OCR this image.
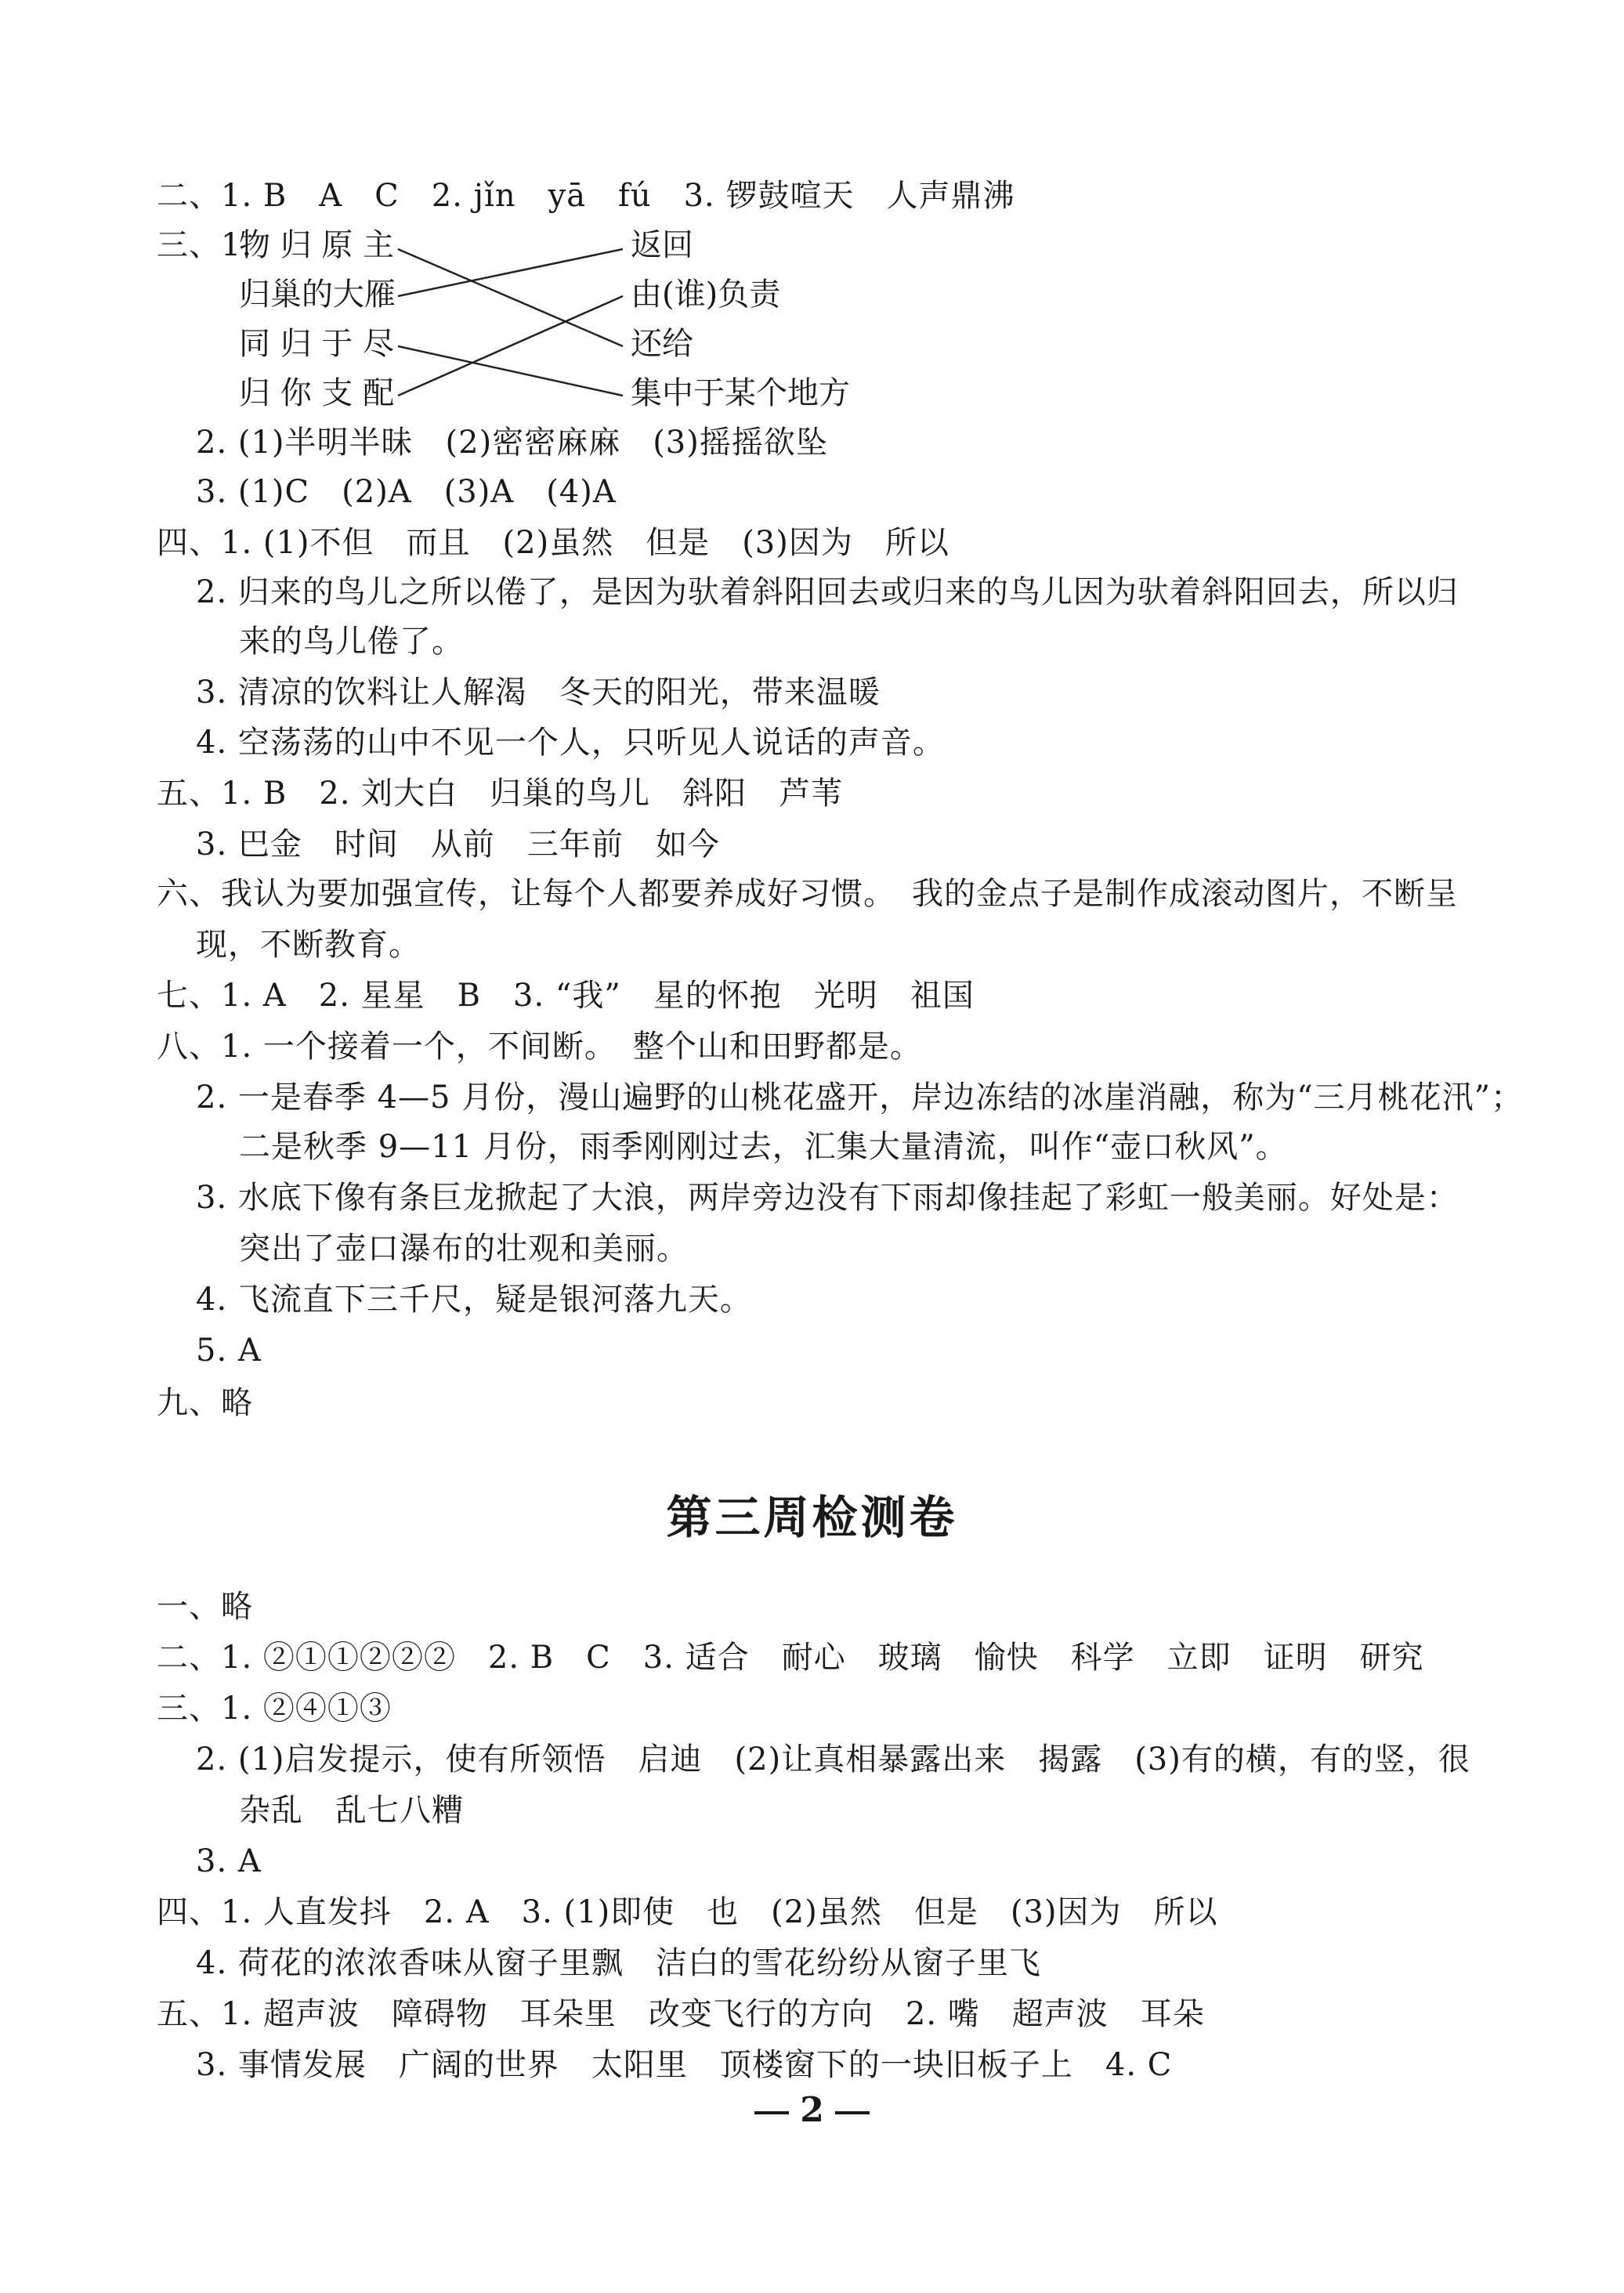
二、1. B　A　C　2. jǐn　yā　fú　3. 锣鼓喧天　人声鼎沸
三、1.
物 归 原 主
归巢的大雁
同 归 于 尽
归 你 支 配
返回
由(谁)负责
还给
集中于某个地方
2. (1)半明半昧　(2)密密麻麻　(3)摇摇欲坠
3. (1)C　(2)A　(3)A　(4)A
四、1. (1)不但　而且　(2)虽然　但是　(3)因为　所以
2. 归来的鸟儿之所以倦了，是因为驮着斜阳回去或归来的鸟儿因为驮着斜阳回去，所以归
来的鸟儿倦了。
3. 清凉的饮料让人解渴　冬天的阳光，带来温暖
4. 空荡荡的山中不见一个人，只听见人说话的声音。
五、1. B　2. 刘大白　归巢的鸟儿　斜阳　芦苇
3. 巴金　时间　从前　三年前　如今
六、我认为要加强宣传，让每个人都要养成好习惯。　我的金点子是制作成滚动图片，不断呈
现，不断教育。
七、1. A　2. 星星　B　3. “我”　星的怀抱　光明　祖国
八、1. 一个接着一个，不间断。　整个山和田野都是。
2. 一是春季 4—5 月份，漫山遍野的山桃花盛开，岸边冻结的冰崖消融，称为“三月桃花汛”；
二是秋季 9—11 月份，雨季刚刚过去，汇集大量清流，叫作“壶口秋风”。
3. 水底下像有条巨龙掀起了大浪，两岸旁边没有下雨却像挂起了彩虹一般美丽。好处是：
突出了壶口瀑布的壮观和美丽。
4. 飞流直下三千尺，疑是银河落九天。
5. A
九、略
第三周检测卷
一、略
二、1. ②①①②②②　2. B　C　3. 适合　耐心　玻璃　愉快　科学　立即　证明　研究
三、1. ②④①③
2. (1)启发提示，使有所领悟　启迪　(2)让真相暴露出来　揭露　(3)有的横，有的竖，很
杂乱　乱七八糟
3. A
四、1. 人直发抖　2. A　3. (1)即使　也　(2)虽然　但是　(3)因为　所以
4. 荷花的浓浓香味从窗子里飘　洁白的雪花纷纷从窗子里飞
五、1. 超声波　障碍物　耳朵里　改变飞行的方向　2. 嘴　超声波　耳朵
3. 事情发展　广阔的世界　太阳里　顶楼窗下的一块旧板子上　4. C
2
